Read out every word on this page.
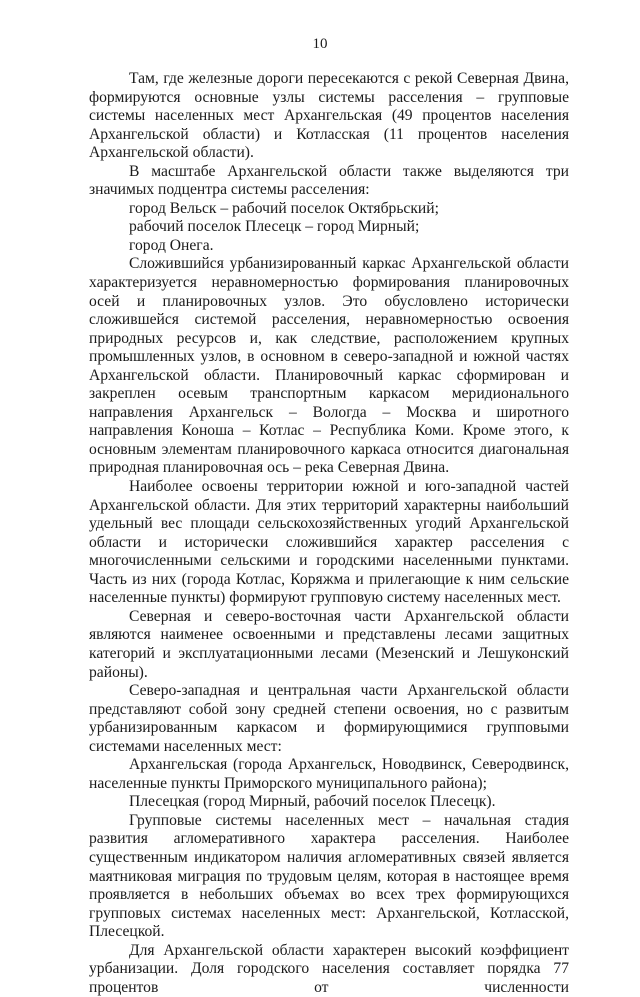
10

Там, где железные дороги пересекаются с рекой Северная Двина, формируются основные узлы системы расселения – групповые системы населенных мест Архангельская (49 процентов населения Архангельской области) и Котласская (11 процентов населения Архангельской области).

В масштабе Архангельской области также выделяются три значимых подцентра системы расселения:

город Вельск – рабочий поселок Октябрьский;

рабочий поселок Плесецк – город Мирный;

город Онега.

Сложившийся урбанизированный каркас Архангельской области характеризуется неравномерностью формирования планировочных осей и планировочных узлов. Это обусловлено исторически сложившейся системой расселения, неравномерностью освоения природных ресурсов и, как следствие, расположением крупных промышленных узлов, в основном в северо-западной и южной частях Архангельской области. Планировочный каркас сформирован и закреплен осевым транспортным каркасом меридионального направления Архангельск – Вологда – Москва и широтного направления Коноша – Котлас – Республика Коми. Кроме этого, к основным элементам планировочного каркаса относится диагональная природная планировочная ось – река Северная Двина.

Наиболее освоены территории южной и юго-западной частей Архангельской области. Для этих территорий характерны наибольший удельный вес площади сельскохозяйственных угодий Архангельской области и исторически сложившийся характер расселения с многочисленными сельскими и городскими населенными пунктами. Часть из них (города Котлас, Коряжма и прилегающие к ним сельские населенные пункты) формируют групповую систему населенных мест.

Северная и северо-восточная части Архангельской области являются наименее освоенными и представлены лесами защитных категорий и эксплуатационными лесами (Мезенский и Лешуконский районы).

Северо-западная и центральная части Архангельской области представляют собой зону средней степени освоения, но с развитым урбанизированным каркасом и формирующимися групповыми системами населенных мест:

Архангельская (города Архангельск, Новодвинск, Северодвинск, населенные пункты Приморского муниципального района);

Плесецкая (город Мирный, рабочий поселок Плесецк).

Групповые системы населенных мест – начальная стадия развития агломеративного характера расселения. Наиболее существенным индикатором наличия агломеративных связей является маятниковая миграция по трудовым целям, которая в настоящее время проявляется в небольших объемах во всех трех формирующихся групповых системах населенных мест: Архангельской, Котласской, Плесецкой.

Для Архангельской области характерен высокий коэффициент урбанизации. Доля городского населения составляет порядка 77 процентов от численности
